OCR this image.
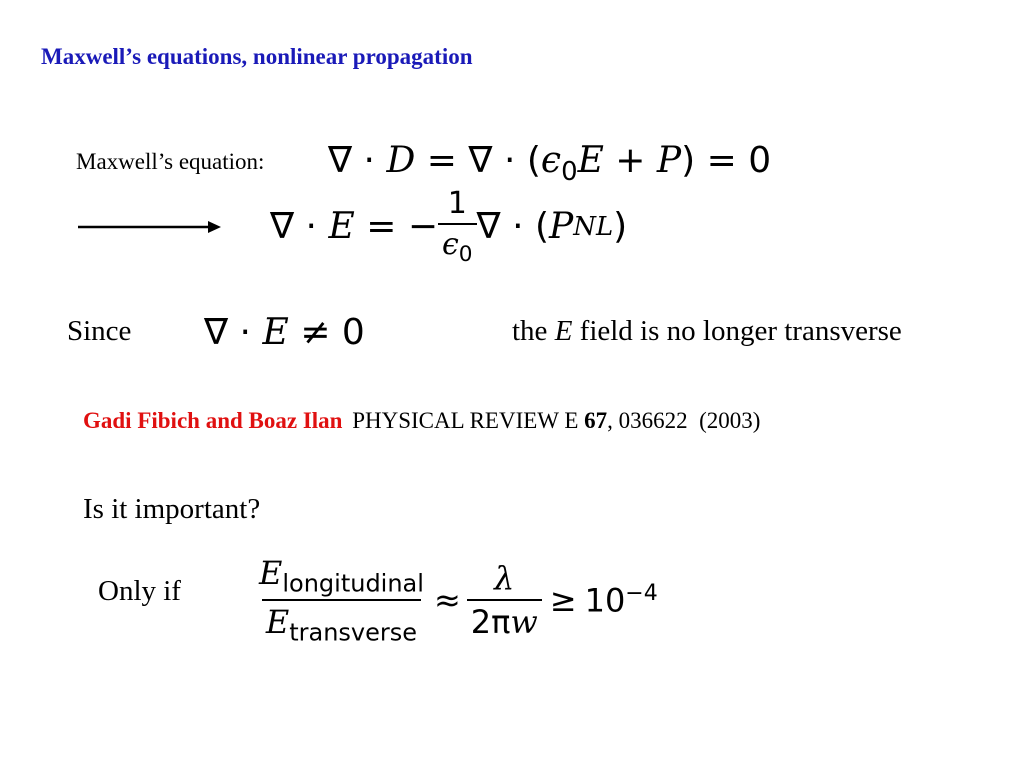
Maxwell’s equations, nonlinear propagation
Maxwell’s equation: ∇ · D = ∇ · $(\epsilon_0E + P) = 0$
∇
·
E
=
− $\frac{1}{\epsilon_0}$ ∇
·
( P NL )
Since ∇ · E ≠ 0	the E field is no longer transverse
Gadi Fibich and Boaz Ilan PHYSICAL REVIEW E 67, 036622  (2003)
Is it important?
Only if $\frac{E_{longitudinal}}{E_{transverse}} \approx \frac{\lambda}{2\pi w} \ge 10^{-4}$
